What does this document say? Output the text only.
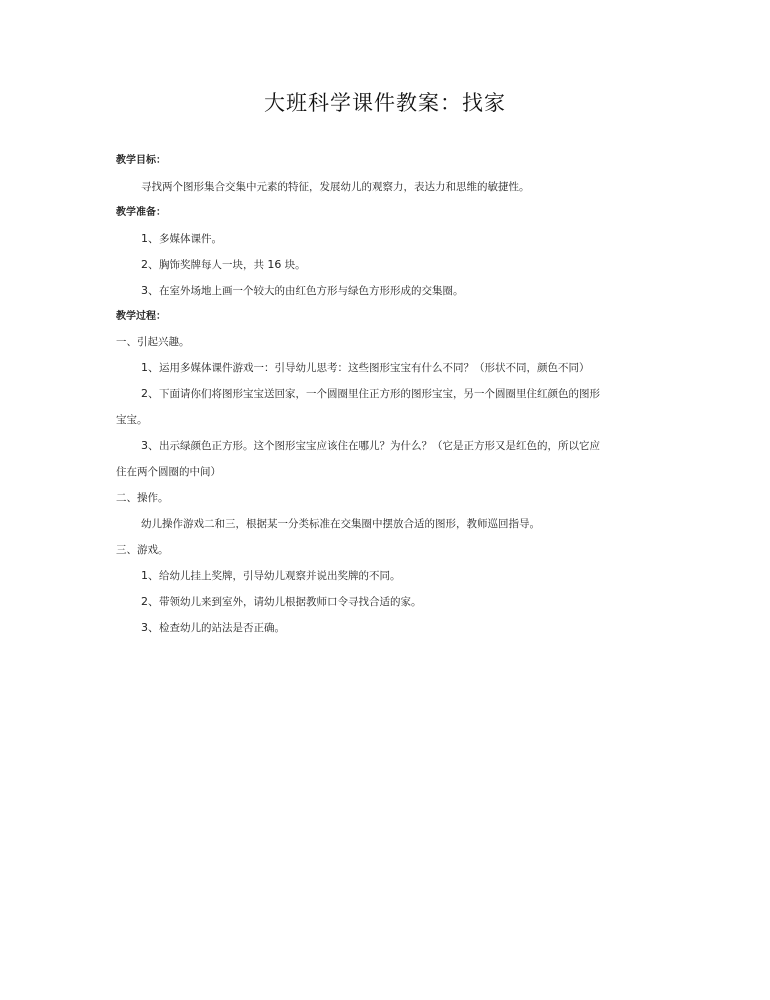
大班科学课件教案：找家
教学目标：
寻找两个图形集合交集中元素的特征，发展幼儿的观察力，表达力和思维的敏捷性。
教学准备：
1、多媒体课件。
2、胸饰奖牌每人一块，共 16 块。
3、在室外场地上画一个较大的由红色方形与绿色方形形成的交集圈。
教学过程：
一、引起兴趣。
1、运用多媒体课件游戏一：引导幼儿思考：这些图形宝宝有什么不同？（形状不同，颜色不同）
2、下面请你们将图形宝宝送回家，一个圆圈里住正方形的图形宝宝，另一个圆圈里住红颜色的图形
宝宝。
3、出示绿颜色正方形。这个图形宝宝应该住在哪儿？为什么？（它是正方形又是红色的，所以它应
住在两个圆圈的中间）
二、操作。
幼儿操作游戏二和三，根据某一分类标准在交集圈中摆放合适的图形，教师巡回指导。
三、游戏。
1、给幼儿挂上奖牌，引导幼儿观察并说出奖牌的不同。
2、带领幼儿来到室外，请幼儿根据教师口令寻找合适的家。
3、检查幼儿的站法是否正确。
